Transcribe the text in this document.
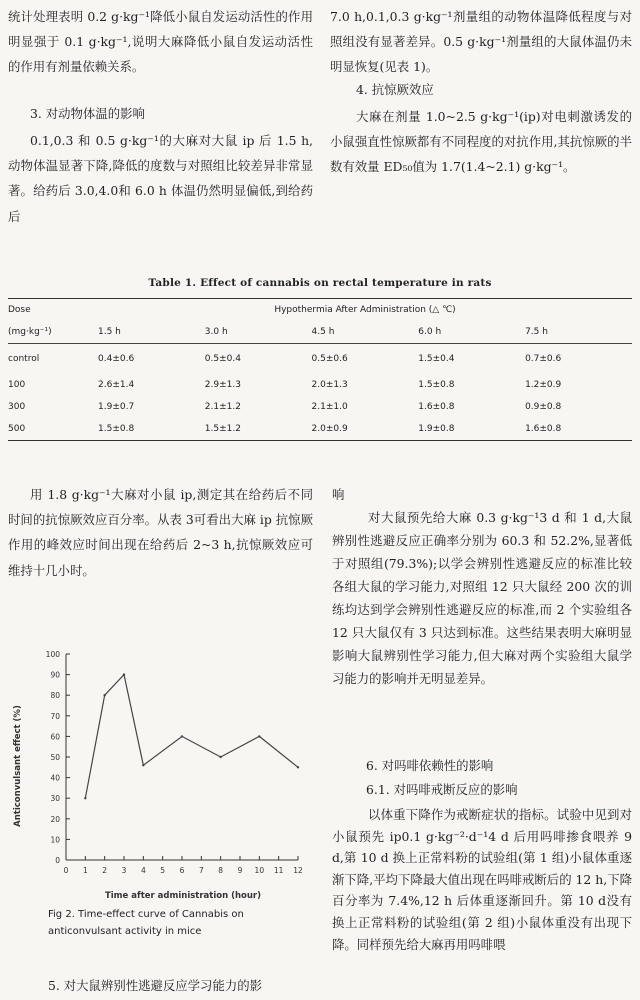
统计处理表明 0.2 g·kg⁻¹降低小鼠自发运动活性的作用明显强于 0.1 g·kg⁻¹,说明大麻降低小鼠自发运动活性的作用有剂量依赖关系。

3. 对动物体温的影响

0.1,0.3 和 0.5 g·kg⁻¹的大麻对大鼠 ip 后 1.5 h,动物体温显著下降,降低的度数与对照组比较差异非常显著。给药后 3.0,4.0和 6.0 h 体温仍然明显偏低,到给药后

7.0 h,0.1,0.3 g·kg⁻¹剂量组的动物体温降低程度与对照组没有显著差异。0.5 g·kg⁻¹剂量组的大鼠体温仍未明显恢复(见表 1)。

4. 抗惊厥效应

大麻在剂量 1.0~2.5 g·kg⁻¹(ip)对电刺激诱发的小鼠强直性惊厥都有不同程度的对抗作用,其抗惊厥的半数有效量 ED₅₀值为 1.7(1.4~2.1) g·kg⁻¹。

Table 1. Effect of cannabis on rectal temperature in rats

Dose	Hypothermia After Administration (△ ℃)				
(mg·kg⁻¹)	1.5 h	3.0 h	4.5 h	6.0 h	7.5 h
control	0.4±0.6	0.5±0.4	0.5±0.6	1.5±0.4	0.7±0.6
100	2.6±1.4	2.9±1.3	2.0±1.3	1.5±0.8	1.2±0.9
300	1.9±0.7	2.1±1.2	2.1±1.0	1.6±0.8	0.9±0.8
500	1.5±0.8	1.5±1.2	2.0±0.9	1.9±0.8	1.6±0.8

用 1.8 g·kg⁻¹大麻对小鼠 ip,测定其在给药后不同时间的抗惊厥效应百分率。从表 3可看出大麻 ip 抗惊厥作用的峰效应时间出现在给药后 2~3 h,抗惊厥效应可维持十几小时。

0
10
20
30
40
50
60
70
80
90
100
0 1 2 3 4 5 6 7 8 9 10 11 12
Anticonvulsant effect (%)
Time after administration (hour)

Fig 2. Time-effect curve of Cannabis on anticonvulsant activity in mice

5. 对大鼠辨别性逃避反应学习能力的影

响

对大鼠预先给大麻 0.3 g·kg⁻¹3 d 和 1 d,大鼠辨别性逃避反应正确率分别为 60.3 和 52.2%,显著低于对照组(79.3%);以学会辨别性逃避反应的标准比较各组大鼠的学习能力,对照组 12 只大鼠经 200 次的训练均达到学会辨别性逃避反应的标准,而 2 个实验组各 12 只大鼠仅有 3 只达到标准。这些结果表明大麻明显影响大鼠辨别性学习能力,但大麻对两个实验组大鼠学习能力的影响并无明显差异。

6. 对吗啡依赖性的影响

6.1. 对吗啡戒断反应的影响

以体重下降作为戒断症状的指标。试验中见到对小鼠预先 ip0.1 g·kg⁻²·d⁻¹4 d 后用吗啡掺食喂养 9 d,第 10 d 换上正常料粉的试验组(第 1 组)小鼠体重逐渐下降,平均下降最大值出现在吗啡戒断后的 12 h,下降百分率为 7.4%,12 h 后体重逐渐回升。第 10 d没有换上正常料粉的试验组(第 2 组)小鼠体重没有出现下降。同样预先给大麻再用吗啡喂
